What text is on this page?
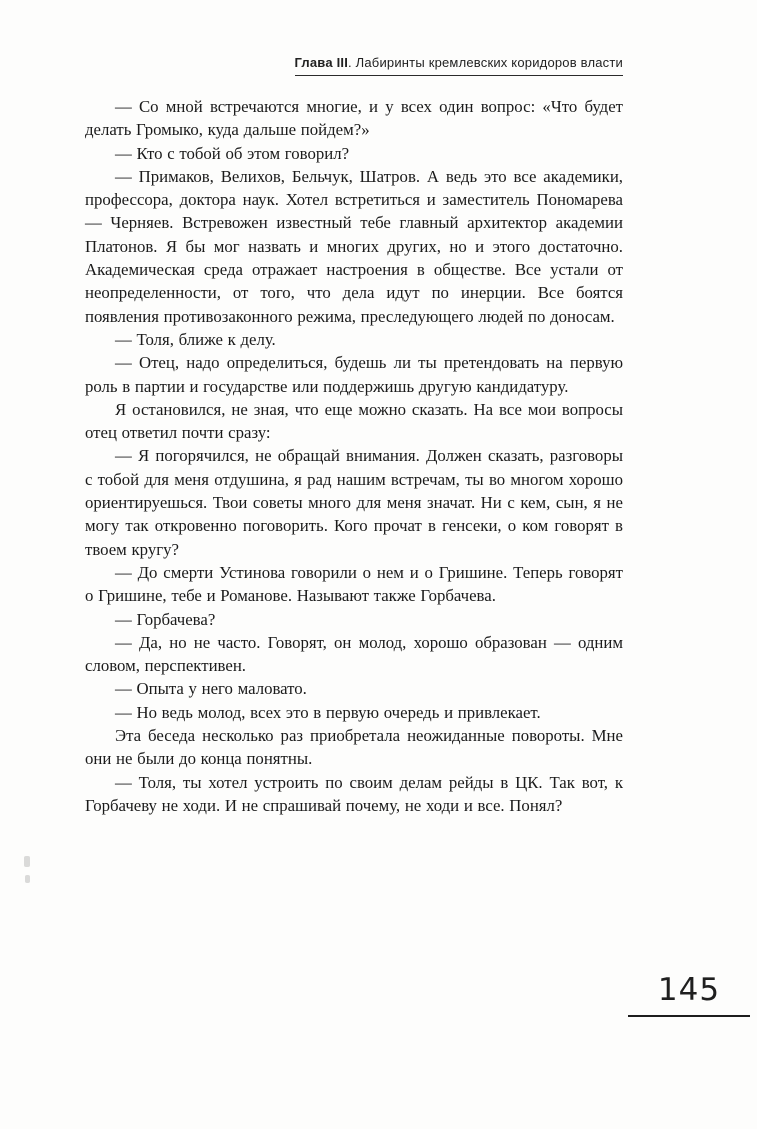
Глава III. Лабиринты кремлевских коридоров власти

— Со мной встречаются многие, и у всех один вопрос: «Что будет делать Громыко, куда дальше пойдем?»

— Кто с тобой об этом говорил?

— Примаков, Велихов, Бельчук, Шатров. А ведь это все академики, профессора, доктора наук. Хотел встретиться и заместитель Пономарева — Черняев. Встревожен известный тебе главный архитектор академии Платонов. Я бы мог назвать и многих других, но и этого достаточно. Академическая среда отражает настроения в обществе. Все устали от неопределенности, от того, что дела идут по инерции. Все боятся появления противозаконного режима, преследующего людей по доносам.

— Толя, ближе к делу.

— Отец, надо определиться, будешь ли ты претендовать на первую роль в партии и государстве или поддержишь другую кандидатуру.

Я остановился, не зная, что еще можно сказать. На все мои вопросы отец ответил почти сразу:

— Я погорячился, не обращай внимания. Должен сказать, разговоры с тобой для меня отдушина, я рад нашим встречам, ты во многом хорошо ориентируешься. Твои советы много для меня значат. Ни с кем, сын, я не могу так откровенно поговорить. Кого прочат в генсеки, о ком говорят в твоем кругу?

— До смерти Устинова говорили о нем и о Гришине. Теперь говорят о Гришине, тебе и Романове. Называют также Горбачева.

— Горбачева?

— Да, но не часто. Говорят, он молод, хорошо образован — одним словом, перспективен.

— Опыта у него маловато.

— Но ведь молод, всех это в первую очередь и привлекает.

Эта беседа несколько раз приобретала неожиданные повороты. Мне они не были до конца понятны.

— Толя, ты хотел устроить по своим делам рейды в ЦК. Так вот, к Горбачеву не ходи. И не спрашивай почему, не ходи и все. Понял?

145
